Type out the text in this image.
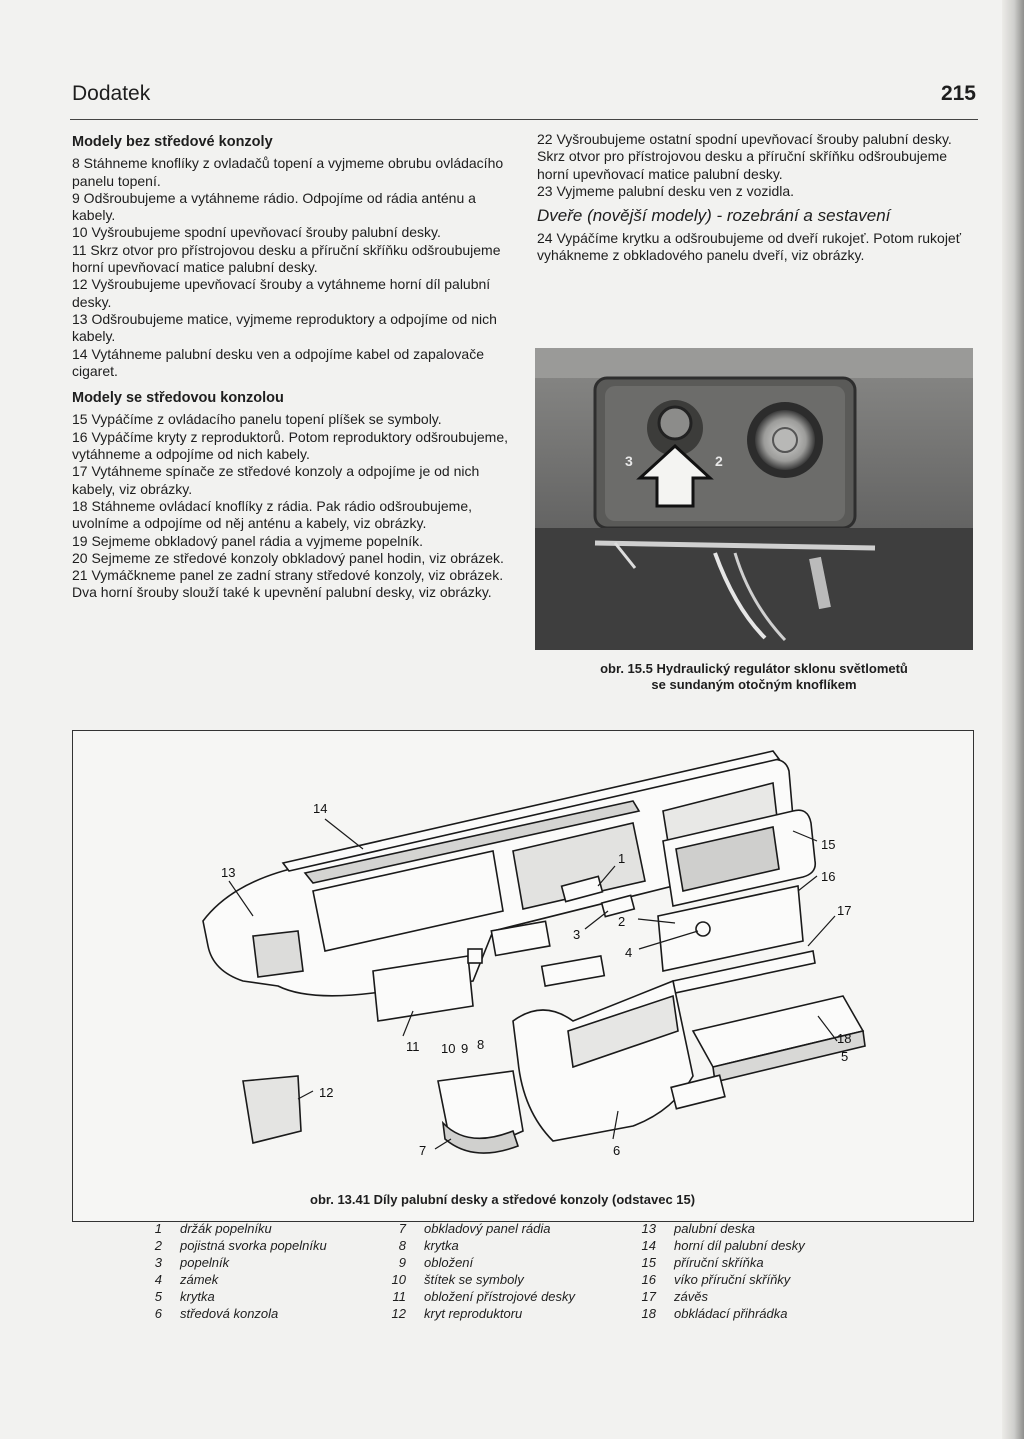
Dodatek	215
Modely bez středové konzoly

8 Stáhneme knoflíky z ovladačů topení a vyjmeme obrubu ovládacího panelu topení.

9 Odšroubujeme a vytáhneme rádio. Odpojíme od rádia anténu a kabely.

10 Vyšroubujeme spodní upevňovací šrouby palubní desky.

11 Skrz otvor pro přístrojovou desku a příruční skříňku odšroubujeme horní upevňovací matice palubní desky.

12 Vyšroubujeme upevňovací šrouby a vytáhneme horní díl palubní desky.

13 Odšroubujeme matice, vyjmeme reproduktory a odpojíme od nich kabely.

14 Vytáhneme palubní desku ven a odpojíme kabel od zapalovače cigaret.

Modely se středovou konzolou

15 Vypáčíme z ovládacího panelu topení plíšek se symboly.

16 Vypáčíme kryty z reproduktorů. Potom reproduktory odšroubujeme, vytáhneme a odpojíme od nich kabely.

17 Vytáhneme spínače ze středové konzoly a odpojíme je od nich kabely, viz obrázky.

18 Stáhneme ovládací knoflíky z rádia. Pak rádio odšroubujeme, uvolníme a odpojíme od něj anténu a kabely, viz obrázky.

19 Sejmeme obkladový panel rádia a vyjmeme popelník.

20 Sejmeme ze středové konzoly obkladový panel hodin, viz obrázek.

21 Vymáčkneme panel ze zadní strany středové konzoly, viz obrázek. Dva horní šrouby slouží také k upevnění palubní desky, viz obrázky.

22 Vyšroubujeme ostatní spodní upevňovací šrouby palubní desky. Skrz otvor pro přístrojovou desku a příruční skříňku odšroubujeme horní upevňovací matice palubní desky.

23 Vyjmeme palubní desku ven z vozidla.

Dveře (novější modely) - rozebrání a sestavení

24 Vypáčíme krytku a odšroubujeme od dveří rukojeť. Potom rukojeť vyhákneme z obkladového panelu dveří, viz obrázky.

3	2
obr. 15.5 Hydraulický regulátor sklonu světlometů
se sundaným otočným knoflíkem
14
13
1
2
3
4
15
16
17
18
5
12
11 10 9 8
7	6
obr. 13.41 Díly palubní desky a středové konzoly (odstavec 15)
1 držák popelníku
2 pojistná svorka popelníku
3 popelník
4 zámek
5 krytka
6 středová konzola
7 obkladový panel rádia
8 krytka
9 obložení
10 štítek se symboly
11 obložení přístrojové desky
12 kryt reproduktoru
13 palubní deska
14 horní díl palubní desky
15 příruční skříňka
16 víko příruční skříňky
17 závěs
18 obkládací přihrádka
